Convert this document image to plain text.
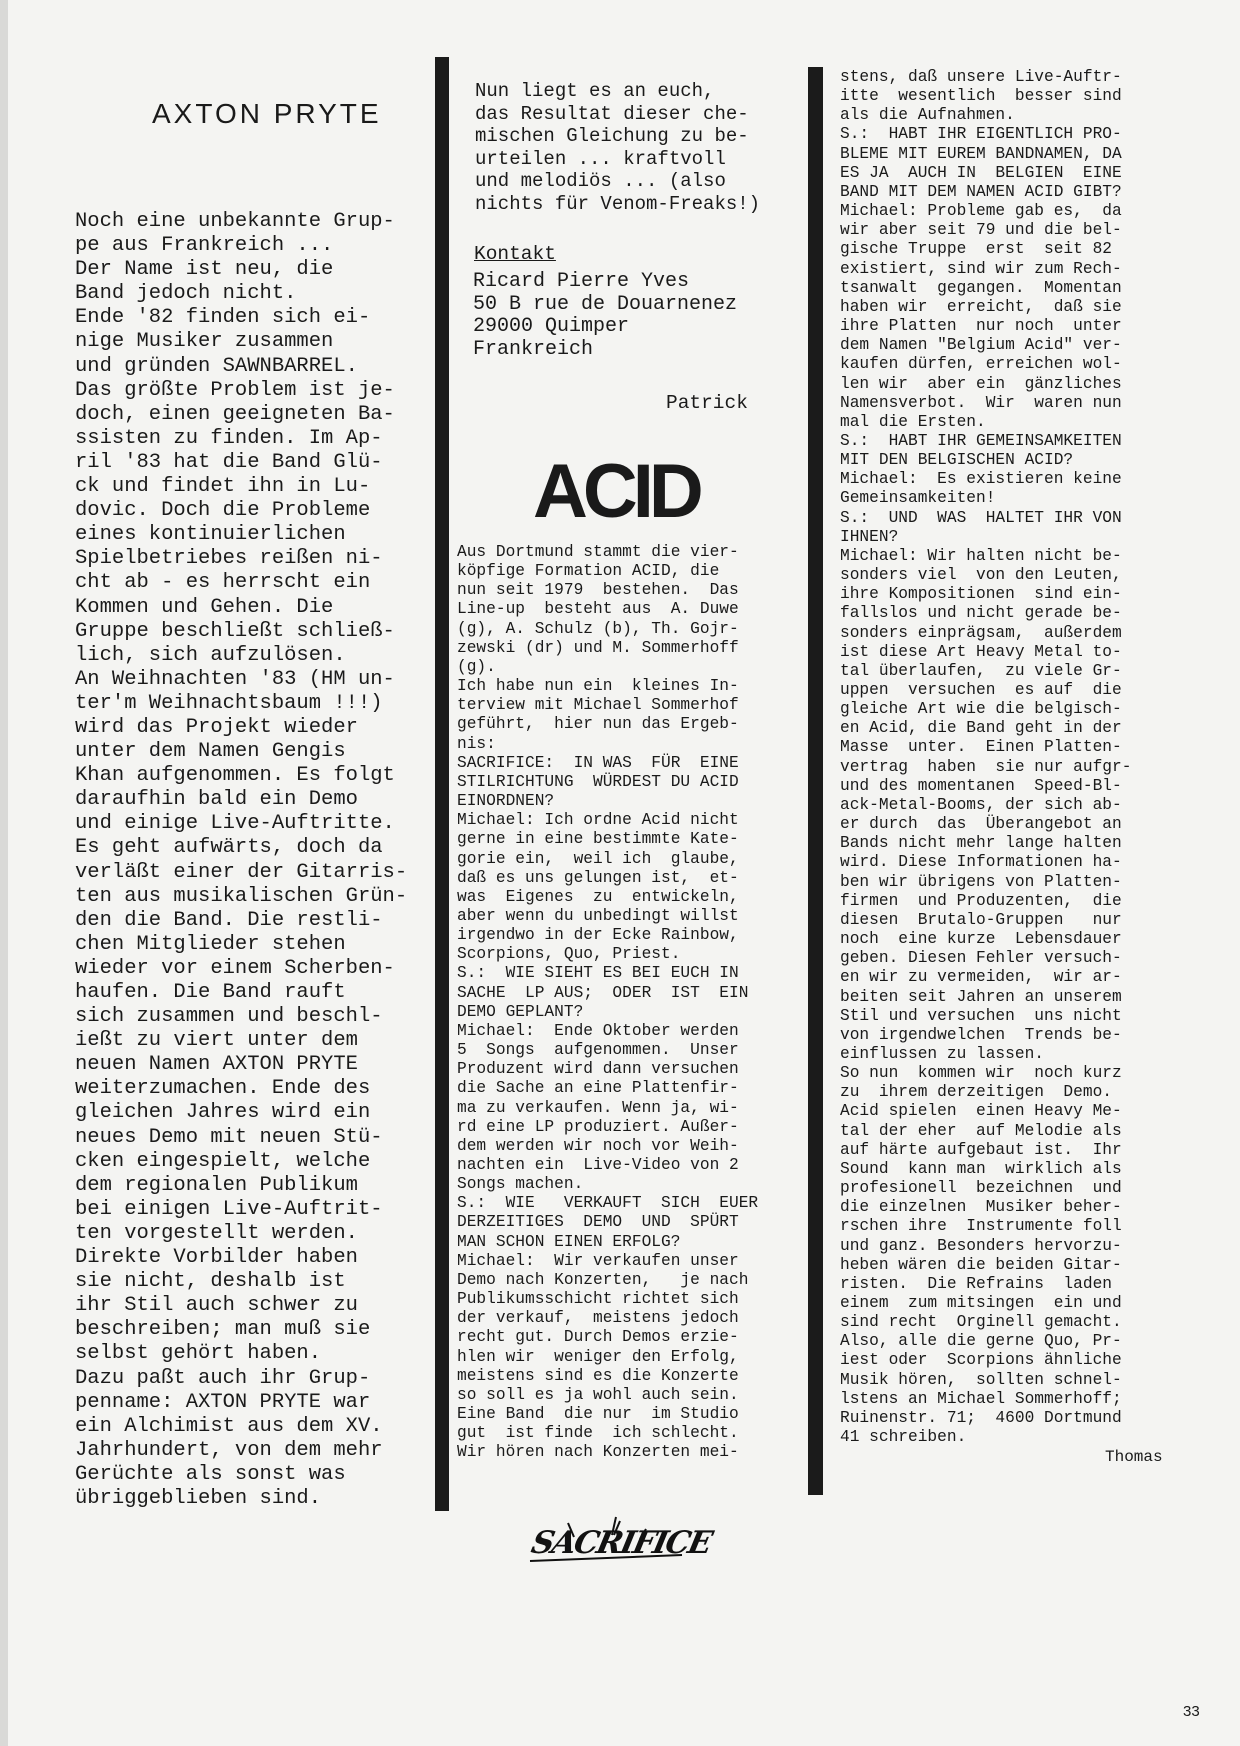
AXTON PRYTE
Noch eine unbekannte Grup-
pe aus Frankreich ...
Der Name ist neu, die
Band jedoch nicht.
Ende '82 finden sich ei-
nige Musiker zusammen
und gründen SAWNBARREL.
Das größte Problem ist je-
doch, einen geeigneten Ba-
ssisten zu finden. Im Ap-
ril '83 hat die Band Glü-
ck und findet ihn in Lu-
dovic. Doch die Probleme
eines kontinuierlichen
Spielbetriebes reißen ni-
cht ab - es herrscht ein
Kommen und Gehen. Die
Gruppe beschließt schließ-
lich, sich aufzulösen.
An Weihnachten '83 (HM un-
ter'm Weihnachtsbaum !!!)
wird das Projekt wieder
unter dem Namen Gengis
Khan aufgenommen. Es folgt
daraufhin bald ein Demo
und einige Live-Auftritte.
Es geht aufwärts, doch da
verläßt einer der Gitarris-
ten aus musikalischen Grün-
den die Band. Die restli-
chen Mitglieder stehen
wieder vor einem Scherben-
haufen. Die Band rauft
sich zusammen und beschl-
ießt zu viert unter dem
neuen Namen AXTON PRYTE
weiterzumachen. Ende des
gleichen Jahres wird ein
neues Demo mit neuen Stü-
cken eingespielt, welche
dem regionalen Publikum
bei einigen Live-Auftrit-
ten vorgestellt werden.
Direkte Vorbilder haben
sie nicht, deshalb ist
ihr Stil auch schwer zu
beschreiben; man muß sie
selbst gehört haben.
Dazu paßt auch ihr Grup-
penname: AXTON PRYTE war
ein Alchimist aus dem XV.
Jahrhundert, von dem mehr
Gerüchte als sonst was
übriggeblieben sind.
Nun liegt es an euch,
das Resultat dieser che-
mischen Gleichung zu be-
urteilen ... kraftvoll
und melodiös ... (also
nichts für Venom-Freaks!)
Kontakt
Ricard Pierre Yves
50 B rue de Douarnenez
29000 Quimper
Frankreich
Patrick
ACID
Aus Dortmund stammt die vier-
köpfige Formation ACID, die
nun seit 1979  bestehen.  Das
Line-up  besteht aus  A. Duwe
(g), A. Schulz (b), Th. Gojr-
zewski (dr) und M. Sommerhoff
(g).
Ich habe nun ein  kleines In-
terview mit Michael Sommerhof
geführt,  hier nun das Ergeb-
nis:
SACRIFICE:  IN WAS  FÜR  EINE
STILRICHTUNG  WÜRDEST DU ACID
EINORDNEN?
Michael: Ich ordne Acid nicht
gerne in eine bestimmte Kate-
gorie ein,  weil ich  glaube,
daß es uns gelungen ist,  et-
was  Eigenes  zu  entwickeln,
aber wenn du unbedingt willst
irgendwo in der Ecke Rainbow,
Scorpions, Quo, Priest.
S.:  WIE SIEHT ES BEI EUCH IN
SACHE  LP AUS;  ODER  IST  EIN
DEMO GEPLANT?
Michael:  Ende Oktober werden
5  Songs  aufgenommen.  Unser
Produzent wird dann versuchen
die Sache an eine Plattenfir-
ma zu verkaufen. Wenn ja, wi-
rd eine LP produziert. Außer-
dem werden wir noch vor Weih-
nachten ein  Live-Video von 2
Songs machen.
S.:  WIE   VERKAUFT  SICH  EUER
DERZEITIGES  DEMO  UND  SPÜRT
MAN SCHON EINEN ERFOLG?
Michael:  Wir verkaufen unser
Demo nach Konzerten,   je nach
Publikumsschicht richtet sich
der verkauf,  meistens jedoch
recht gut. Durch Demos erzie-
hlen wir  weniger den Erfolg,
meistens sind es die Konzerte
so soll es ja wohl auch sein.
Eine Band  die nur  im Studio
gut  ist finde  ich schlecht.
Wir hören nach Konzerten mei-
stens, daß unsere Live-Auftr-
itte  wesentlich  besser sind
als die Aufnahmen.
S.:  HABT IHR EIGENTLICH PRO-
BLEME MIT EUREM BANDNAMEN, DA
ES JA  AUCH IN  BELGIEN  EINE
BAND MIT DEM NAMEN ACID GIBT?
Michael: Probleme gab es,  da
wir aber seit 79 und die bel-
gische Truppe  erst  seit 82
existiert, sind wir zum Rech-
tsanwalt  gegangen.  Momentan
haben wir  erreicht,  daß sie
ihre Platten  nur noch  unter
dem Namen "Belgium Acid" ver-
kaufen dürfen, erreichen wol-
len wir  aber ein  gänzliches
Namensverbot.  Wir  waren nun
mal die Ersten.
S.:  HABT IHR GEMEINSAMKEITEN
MIT DEN BELGISCHEN ACID?
Michael:  Es existieren keine
Gemeinsamkeiten!
S.:  UND  WAS  HALTET IHR VON
IHNEN?
Michael: Wir halten nicht be-
sonders viel  von den Leuten,
ihre Kompositionen  sind ein-
fallslos und nicht gerade be-
sonders einprägsam,  außerdem
ist diese Art Heavy Metal to-
tal überlaufen,  zu viele Gr-
uppen  versuchen  es auf  die
gleiche Art wie die belgisch-
en Acid, die Band geht in der
Masse  unter.  Einen Platten-
vertrag  haben  sie nur aufgr-
und des momentanen  Speed-Bl-
ack-Metal-Booms, der sich ab-
er durch  das  Überangebot an
Bands nicht mehr lange halten
wird. Diese Informationen ha-
ben wir übrigens von Platten-
firmen  und Produzenten,  die
diesen  Brutalo-Gruppen   nur
noch  eine kurze  Lebensdauer
geben. Diesen Fehler versuch-
en wir zu vermeiden,  wir ar-
beiten seit Jahren an unserem
Stil und versuchen  uns nicht
von irgendwelchen  Trends be-
einflussen zu lassen.
So nun  kommen wir  noch kurz
zu  ihrem derzeitigen  Demo.
Acid spielen  einen Heavy Me-
tal der eher  auf Melodie als
auf härte aufgebaut ist.  Ihr
Sound  kann man  wirklich als
profesionell  bezeichnen  und
die einzelnen  Musiker beher-
rschen ihre  Instrumente foll
und ganz. Besonders hervorzu-
heben wären die beiden Gitar-
risten.  Die Refrains  laden
einem  zum mitsingen  ein und
sind recht  Orginell gemacht.
Also, alle die gerne Quo, Pr-
iest oder  Scorpions ähnliche
Musik hören,  sollten schnel-
lstens an Michael Sommerhoff;
Ruinenstr. 71;  4600 Dortmund
41 schreiben.
Thomas
SACRIFICE
33
